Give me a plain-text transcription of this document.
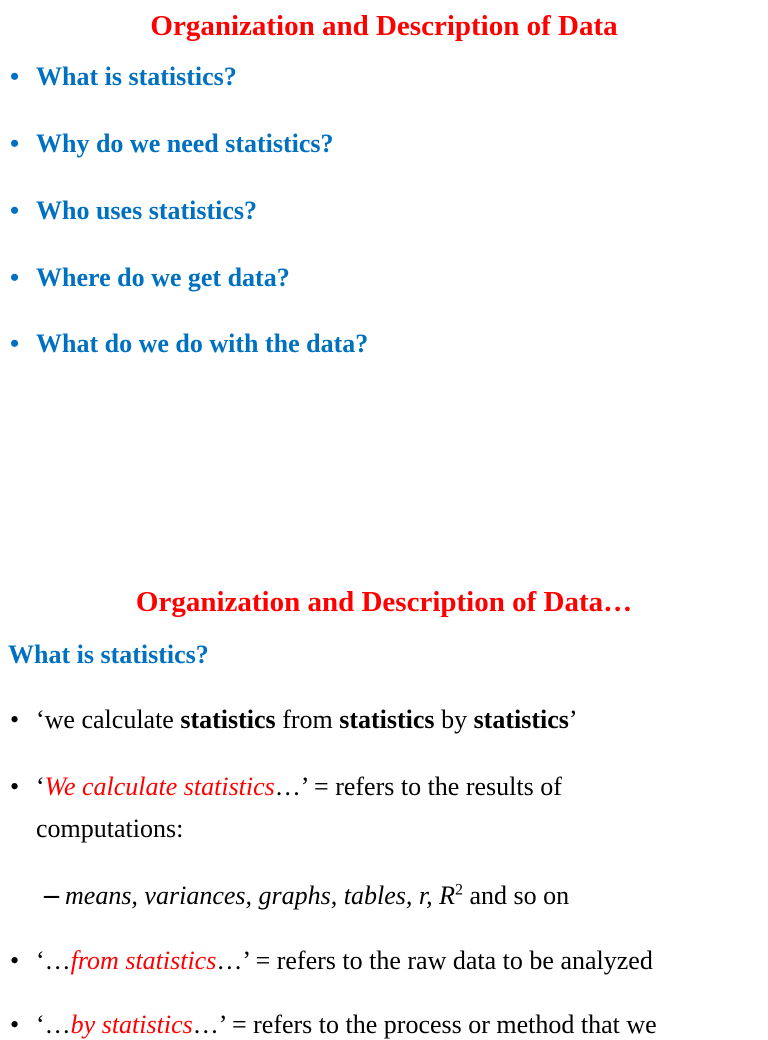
Organization and Description of Data
• What is statistics?
• Why do we need statistics?
• Who uses statistics?
• Where do we get data?
• What do we do with the data?
Organization and Description of Data…
What is statistics?
• ‘we calculate statistics from statistics by statistics’
• ‘We calculate statistics…’ = refers to the results of
computations:
– means, variances, graphs, tables, r, $R^2$ and so on
• ‘…from statistics…’ = refers to the raw data to be analyzed
• ‘…by statistics…’ = refers to the process or method that we
